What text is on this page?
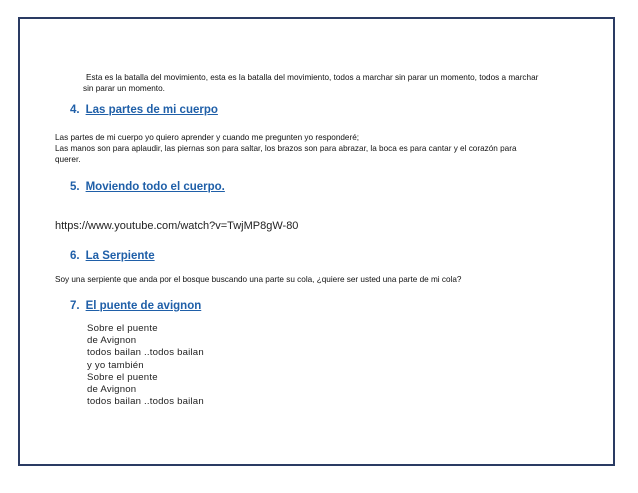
Esta es la batalla del movimiento, esta es la batalla del movimiento, todos a marchar sin parar un momento, todos a marchar
sin parar un momento.
4. Las partes de mi cuerpo
Las partes de mi cuerpo yo quiero aprender y cuando me pregunten yo responderé;
Las manos son para aplaudir, las piernas son para saltar, los brazos son para abrazar, la boca es para cantar y el corazón para
querer.
5. Moviendo todo el cuerpo.
https://www.youtube.com/watch?v=TwjMP8gW-80
6. La Serpiente
Soy una serpiente que anda por el bosque buscando una parte su cola, ¿quiere ser usted una parte de mi cola?
7. El puente de avignon
Sobre el puente
de Avignon
todos bailan ..todos bailan
y yo también
Sobre el puente
de Avignon
todos bailan ..todos bailan
